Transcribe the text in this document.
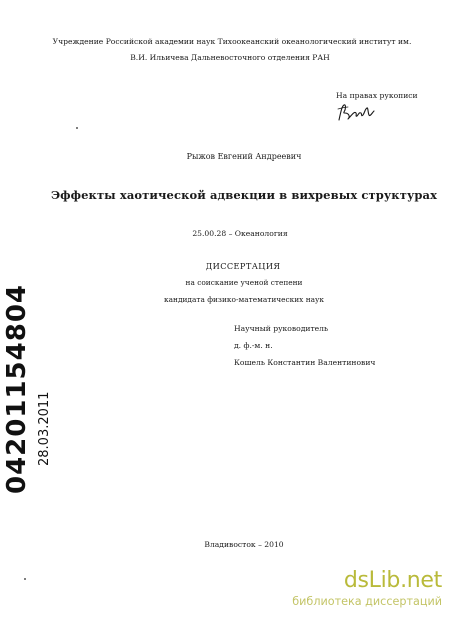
Учреждение Российской академии наук Тихоокеанский океанологический институт им.
В.И. Ильичева Дальневосточного отделения РАН
На правах рукописи
Рыжов Евгений Андреевич
Эффекты хаотической адвекции в вихревых структурах
25.00.28 – Океанология
ДИССЕРТАЦИЯ
на соискание ученой степени
кандидата физико-математических наук
Научный руководитель
д. ф.-м. н.
Кошель Константин Валентинович
Владивосток – 2010
04201154804 28.03.2011
dsLib.net
библиотека диссертаций
